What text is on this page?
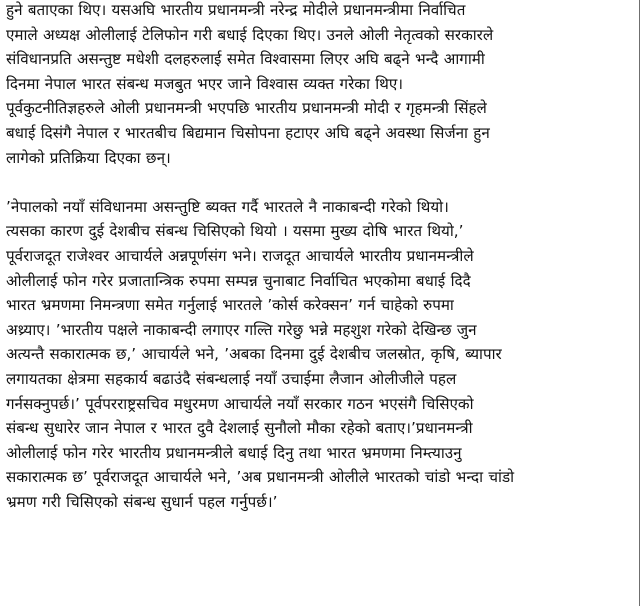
हुने बताएका थिए। यसअघि भारतीय प्रधानमन्त्री नरेन्द्र मोदीले प्रधानमन्त्रीमा निर्वाचित
एमाले अध्यक्ष ओलीलाई टेलिफोन गरी बधाई दिएका थिए। उनले ओली नेतृत्वको सरकारले
संविधानप्रति असन्तुष्ट मधेशी दलहरुलाई समेत विश्वासमा लिएर अघि बढ्ने भन्दै आगामी
दिनमा नेपाल भारत संबन्ध मजबुत भएर जाने विश्वास व्यक्त गरेका थिए।
पूर्वकुटनीतिज्ञहरुले ओली प्रधानमन्त्री भएपछि भारतीय प्रधानमन्त्री मोदी र गृहमन्त्री सिंहले
बधाई दिसंगै नेपाल र भारतबीच बिद्यमान चिसोपना हटाएर अघि बढ्ने अवस्था सिर्जना हुन
लागेको प्रतिक्रिया दिएका छन्।
’नेपालको नयाँ संविधानमा असन्तुष्टि ब्यक्त गर्दै भारतले नै नाकाबन्दी गरेको थियो।
त्यसका कारण दुई देशबीच संबन्ध चिसिएको थियो । यसमा मुख्य दोषि भारत थियो,’
पूर्वराजदूत राजेश्वर आचार्यले अन्नपूर्णसंग भने। राजदूत आचार्यले भारतीय प्रधानमन्त्रीले
ओलीलाई फोन गरेर प्रजातान्त्रिक रुपमा सम्पन्न चुनाबाट निर्वाचित भएकोमा बधाई दिदै
भारत भ्रमणमा निमन्त्रणा समेत गर्नुलाई भारतले ’कोर्स करेक्सन’ गर्न चाहेको रुपमा
अथ्र्याए। ’भारतीय पक्षले नाकाबन्दी लगाएर गल्ति गरेछु भन्ने महशुश गरेको देखिन्छ जुन
अत्यन्तै सकारात्मक छ,’ आचार्यले भने, ’अबका दिनमा दुई देशबीच जलस्रोत, कृषि, ब्यापार
लगायतका क्षेत्रमा सहकार्य बढाउंदै संबन्धलाई नयाँ उचाईमा लैजान ओलीजीले पहल
गर्नसक्नुपर्छ।’ पूर्वपरराष्ट्रसचिव मधुरमण आचार्यले नयाँ सरकार गठन भएसंगै चिसिएको
संबन्ध सुधारेर जान नेपाल र भारत दुवै देशलाई सुनौलो मौका रहेको बताए।’प्रधानमन्त्री
ओलीलाई फोन गरेर भारतीय प्रधानमन्त्रीले बधाई दिनु तथा भारत भ्रमणमा निम्त्याउनु
सकारात्मक छ’ पूर्वराजदूत आचार्यले भने, ’अब प्रधानमन्त्री ओलीले भारतको चांडो भन्दा चांडो
भ्रमण गरी चिसिएको संबन्ध सुधार्न पहल गर्नुपर्छ।’
